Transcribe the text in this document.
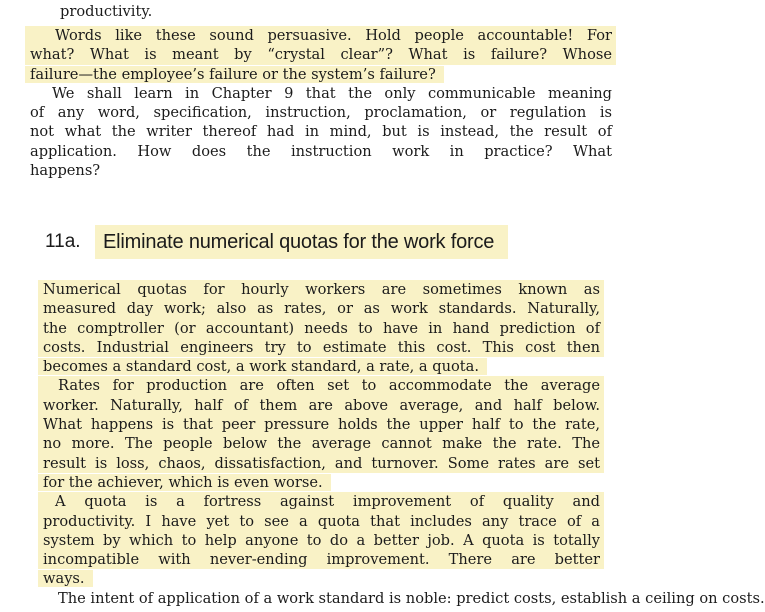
productivity.
Words like these sound persuasive. Hold people accountable! For
what? What is meant by “crystal clear”? What is failure? Whose
failure—the employee’s failure or the system’s failure?
We shall learn in Chapter 9 that the only communicable meaning
of any word, specification, instruction, proclamation, or regulation is
not what the writer thereof had in mind, but is instead, the result of
application. How does the instruction work in practice? What
happens?
11a.	Eliminate numerical quotas for the work force
Numerical quotas for hourly workers are sometimes known as
measured day work; also as rates, or as work standards. Naturally,
the comptroller (or accountant) needs to have in hand prediction of
costs. Industrial engineers try to estimate this cost. This cost then
becomes a standard cost, a work standard, a rate, a quota.
Rates for production are often set to accommodate the average
worker. Naturally, half of them are above average, and half below.
What happens is that peer pressure holds the upper half to the rate,
no more. The people below the average cannot make the rate. The
result is loss, chaos, dissatisfaction, and turnover. Some rates are set
for the achiever, which is even worse.
A quota is a fortress against improvement of quality and
productivity. I have yet to see a quota that includes any trace of a
system by which to help anyone to do a better job. A quota is totally
incompatible with never-ending improvement. There are better
ways.
The intent of application of a work standard is noble: predict costs, establish a ceiling on costs.
